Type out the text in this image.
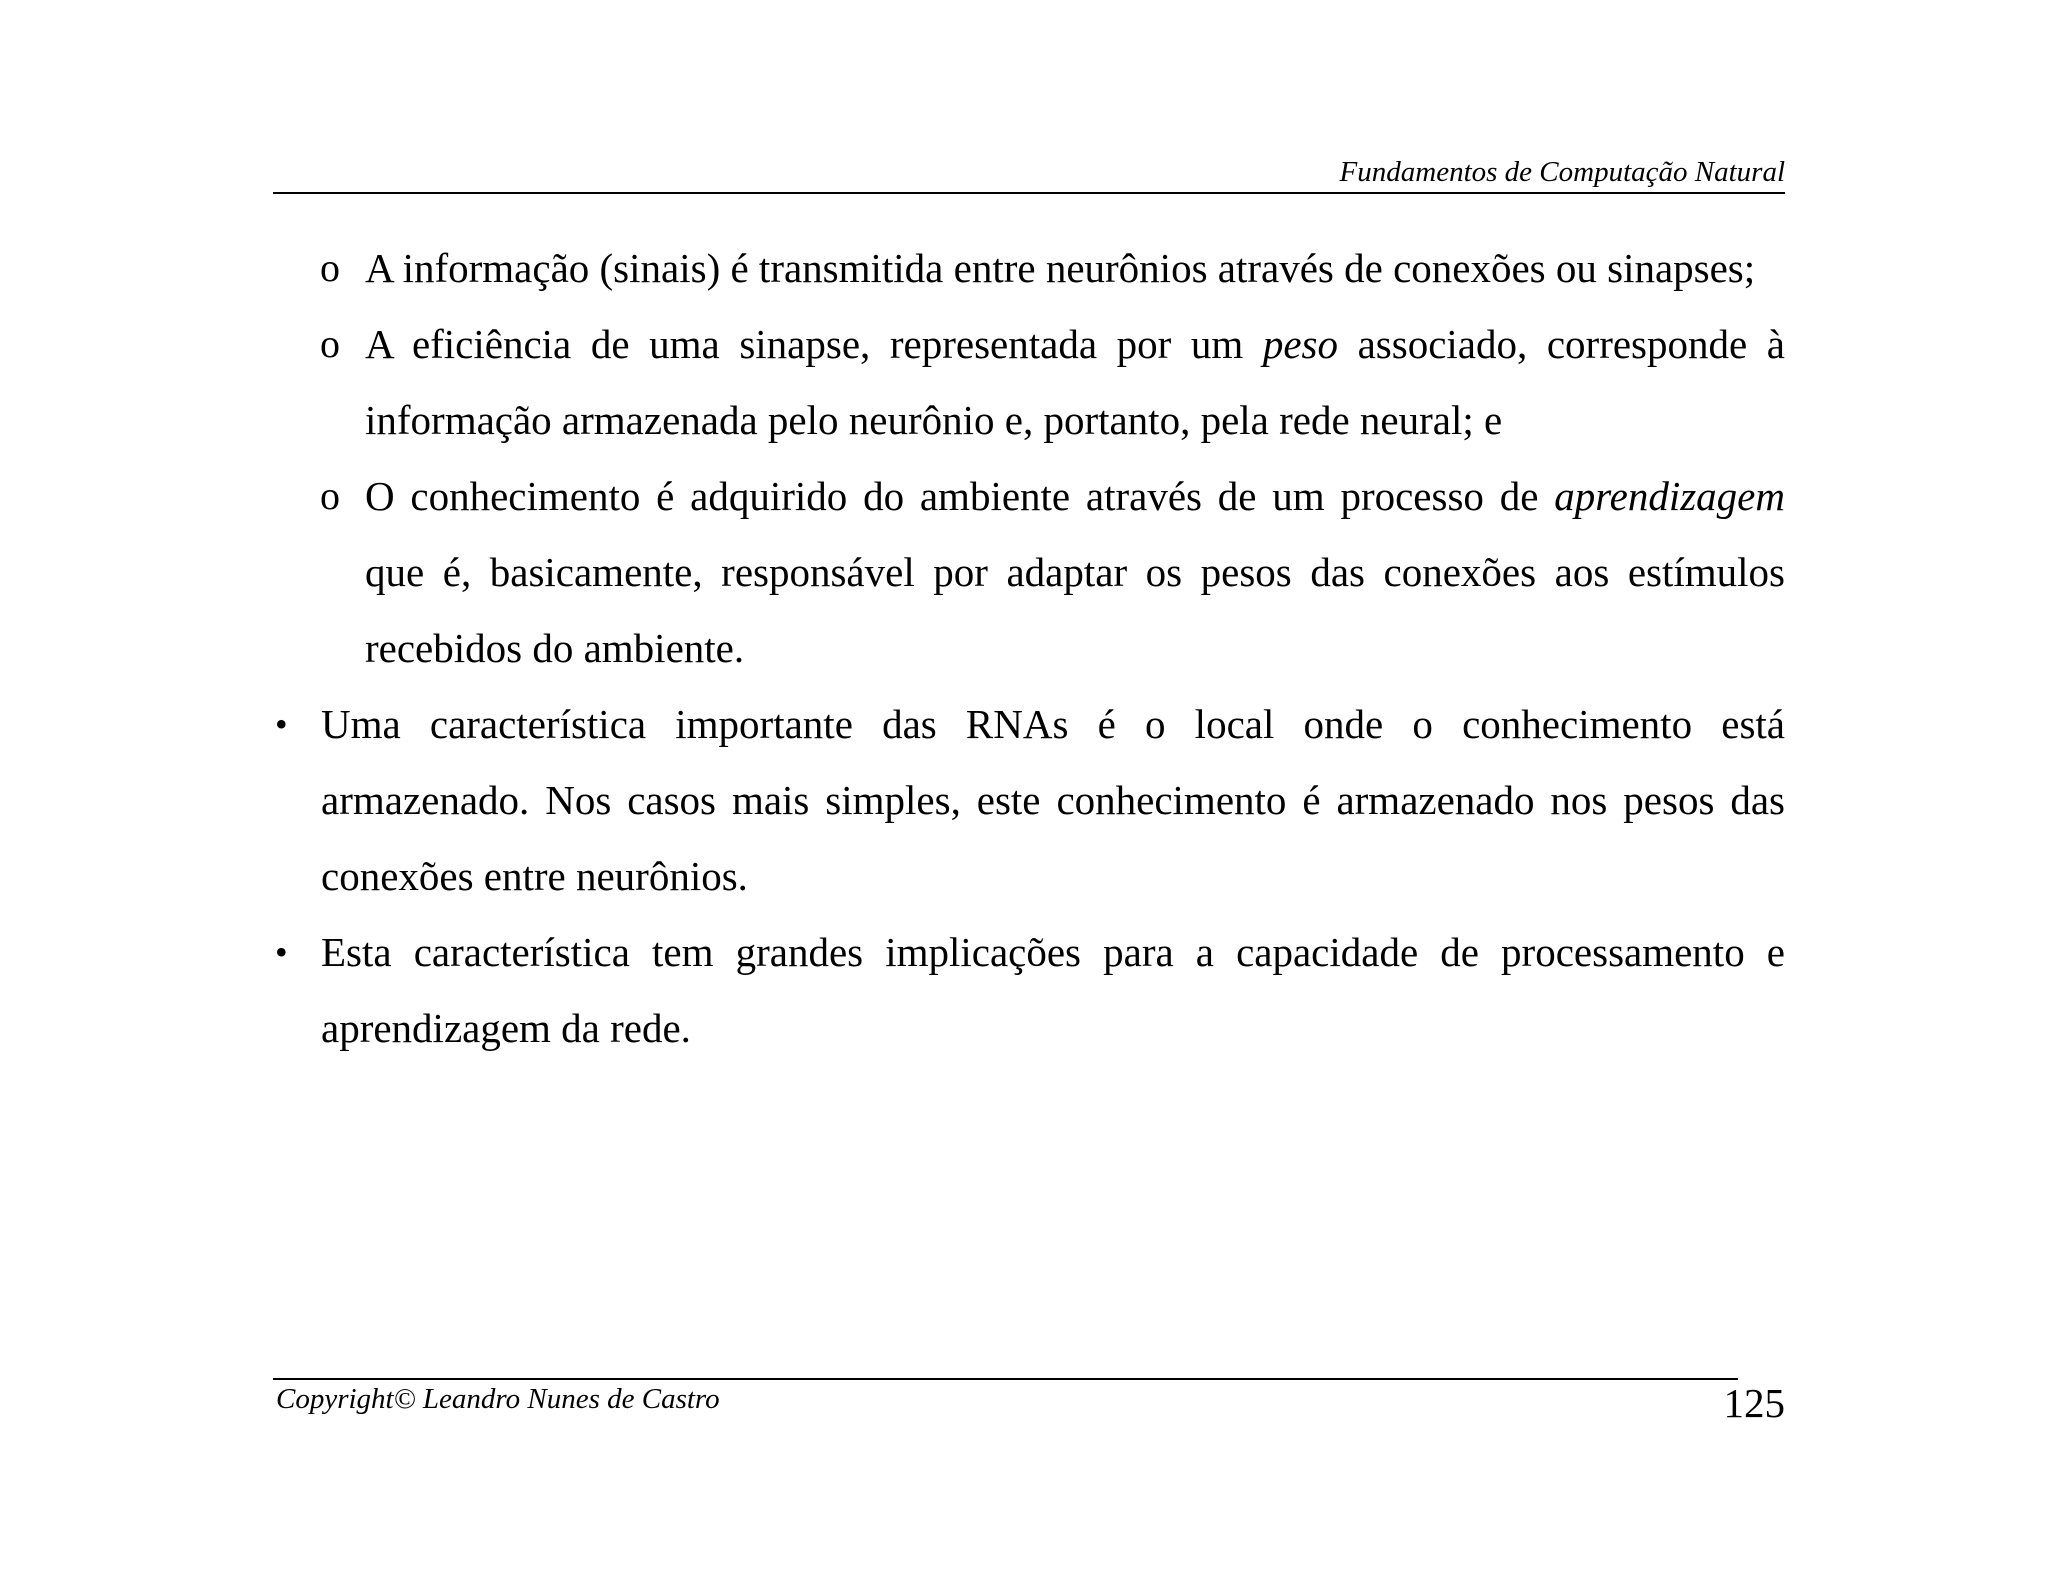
Fundamentos de Computação Natural
o A informação (sinais) é transmitida entre neurônios através de conexões ou sinapses;

o A eficiência de uma sinapse, representada por um peso associado, corresponde à informação armazenada pelo neurônio e, portanto, pela rede neural; e

o O conhecimento é adquirido do ambiente através de um processo de aprendizagem que é, basicamente, responsável por adaptar os pesos das conexões aos estímulos recebidos do ambiente.

• Uma característica importante das RNAs é o local onde o conhecimento está armazenado. Nos casos mais simples, este conhecimento é armazenado nos pesos das conexões entre neurônios.

• Esta característica tem grandes implicações para a capacidade de processamento e aprendizagem da rede.

Copyright© Leandro Nunes de Castro	125
